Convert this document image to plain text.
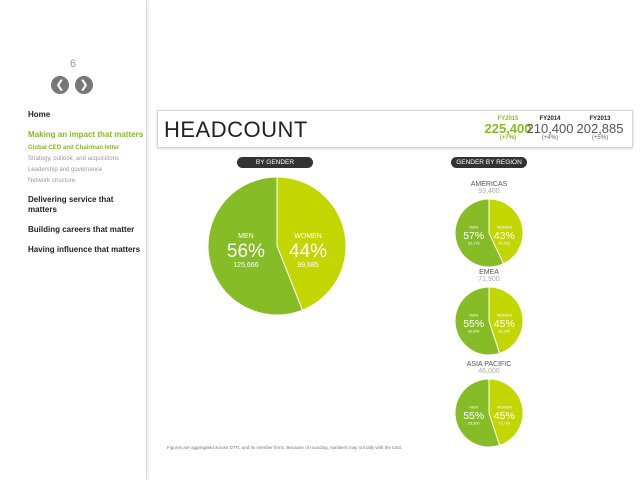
6
❮	❯
Home
Making an impact that matters
Global CEO and Chairman letter
Strategy, outlook, and acquisitions
Leadership and governance
Network structure
Delivering service that matters
Building careers that matter
Having influence that matters
HEADCOUNT	FY2015
225,400
(+7%)
FY2014
210,400
(+4%)
FY2013
202,885
(+5%)
BY GENDER	GENDER BY REGION
MEN
56%
125,666
WOMEN
44%
99,685
AMERICAS
93,400
MEN
57%
53,178
WOMEN
43%
40,222
EMEA
71,900
MEN
55%
39,606
WOMEN
45%
32,294
ASIA PACIFIC
46,000
MEN
55%
25,300
WOMEN
45%
20,700
Figures are aggregated across DTTL and its member firms. Because of rounding, numbers may not tally with the total.
